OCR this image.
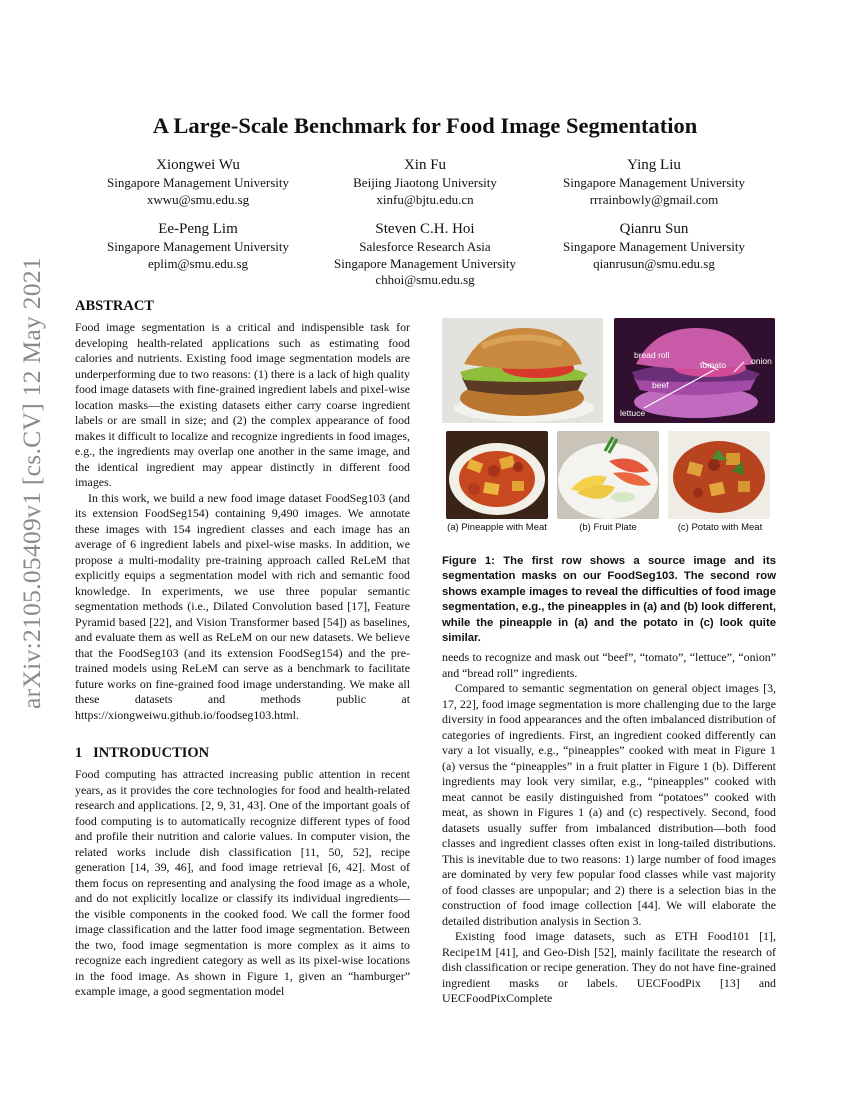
arXiv:2105.05409v1 [cs.CV] 12 May 2021
A Large-Scale Benchmark for Food Image Segmentation
Xiongwei Wu
Singapore Management University
xwwu@smu.edu.sg
Xin Fu
Beijing Jiaotong University
xinfu@bjtu.edu.cn
Ying Liu
Singapore Management University
rrrainbowly@gmail.com
Ee-Peng Lim
Singapore Management University
eplim@smu.edu.sg
Steven C.H. Hoi
Salesforce Research Asia
Singapore Management University
chhoi@smu.edu.sg
Qianru Sun
Singapore Management University
qianrusun@smu.edu.sg
ABSTRACT

Food image segmentation is a critical and indispensible task for developing health-related applications such as estimating food calories and nutrients. Existing food image segmentation models are underperforming due to two reasons: (1) there is a lack of high quality food image datasets with fine-grained ingredient labels and pixel-wise location masks—the existing datasets either carry coarse ingredient labels or are small in size; and (2) the complex appearance of food makes it difficult to localize and recognize ingredients in food images, e.g., the ingredients may overlap one another in the same image, and the identical ingredient may appear distinctly in different food images.

In this work, we build a new food image dataset FoodSeg103 (and its extension FoodSeg154) containing 9,490 images. We annotate these images with 154 ingredient classes and each image has an average of 6 ingredient labels and pixel-wise masks. In addition, we propose a multi-modality pre-training approach called ReLeM that explicitly equips a segmentation model with rich and semantic food knowledge. In experiments, we use three popular semantic segmentation methods (i.e., Dilated Convolution based [17], Feature Pyramid based [22], and Vision Transformer based [54]) as baselines, and evaluate them as well as ReLeM on our new datasets. We believe that the FoodSeg103 (and its extension FoodSeg154) and the pre-trained models using ReLeM can serve as a benchmark to facilitate future works on fine-grained food image understanding. We make all these datasets and methods public at https://xiongweiwu.github.io/foodseg103.html.

1 INTRODUCTION

Food computing has attracted increasing public attention in recent years, as it provides the core technologies for food and health-related research and applications. [2, 9, 31, 43]. One of the important goals of food computing is to automatically recognize different types of food and profile their nutrition and calorie values. In computer vision, the related works include dish classification [11, 50, 52], recipe generation [14, 39, 46], and food image retrieval [6, 42]. Most of them focus on representing and analysing the food image as a whole, and do not explicitly localize or classify its individual ingredients—the visible components in the cooked food. We call the former food image classification and the latter food image segmentation. Between the two, food image segmentation is more complex as it aims to recognize each ingredient category as well as its pixel-wise locations in the food image. As shown in Figure 1, given an “hamburger” example image, a good segmentation model

bread roll
tomato	onion
beef
lettuce
(a) Pineapple with Meat	(b) Fruit Plate	(c) Potato with Meat
Figure 1: The first row shows a source image and its segmentation masks on our FoodSeg103. The second row shows example images to reveal the difficulties of food image segmentation, e.g., the pineapples in (a) and (b) look different, while the pineapple in (a) and the potato in (c) look quite similar.

needs to recognize and mask out “beef”, “tomato”, “lettuce”, “onion” and “bread roll” ingredients.

Compared to semantic segmentation on general object images [3, 17, 22], food image segmentation is more challenging due to the large diversity in food appearances and the often imbalanced distribution of categories of ingredients. First, an ingredient cooked differently can vary a lot visually, e.g., “pineapples” cooked with meat in Figure 1 (a) versus the “pineapples” in a fruit platter in Figure 1 (b). Different ingredients may look very similar, e.g., “pineapples” cooked with meat cannot be easily distinguished from “potatoes” cooked with meat, as shown in Figures 1 (a) and (c) respectively. Second, food datasets usually suffer from imbalanced distribution—both food classes and ingredient classes often exist in long-tailed distributions. This is inevitable due to two reasons: 1) large number of food images are dominated by very few popular food classes while vast majority of food classes are unpopular; and 2) there is a selection bias in the construction of food image collection [44]. We will elaborate the detailed distribution analysis in Section 3.

Existing food image datasets, such as ETH Food101 [1], Recipe1M [41], and Geo-Dish [52], mainly facilitate the research of dish classification or recipe generation. They do not have fine-grained ingredient masks or labels. UECFoodPix [13] and UECFoodPixComplete
